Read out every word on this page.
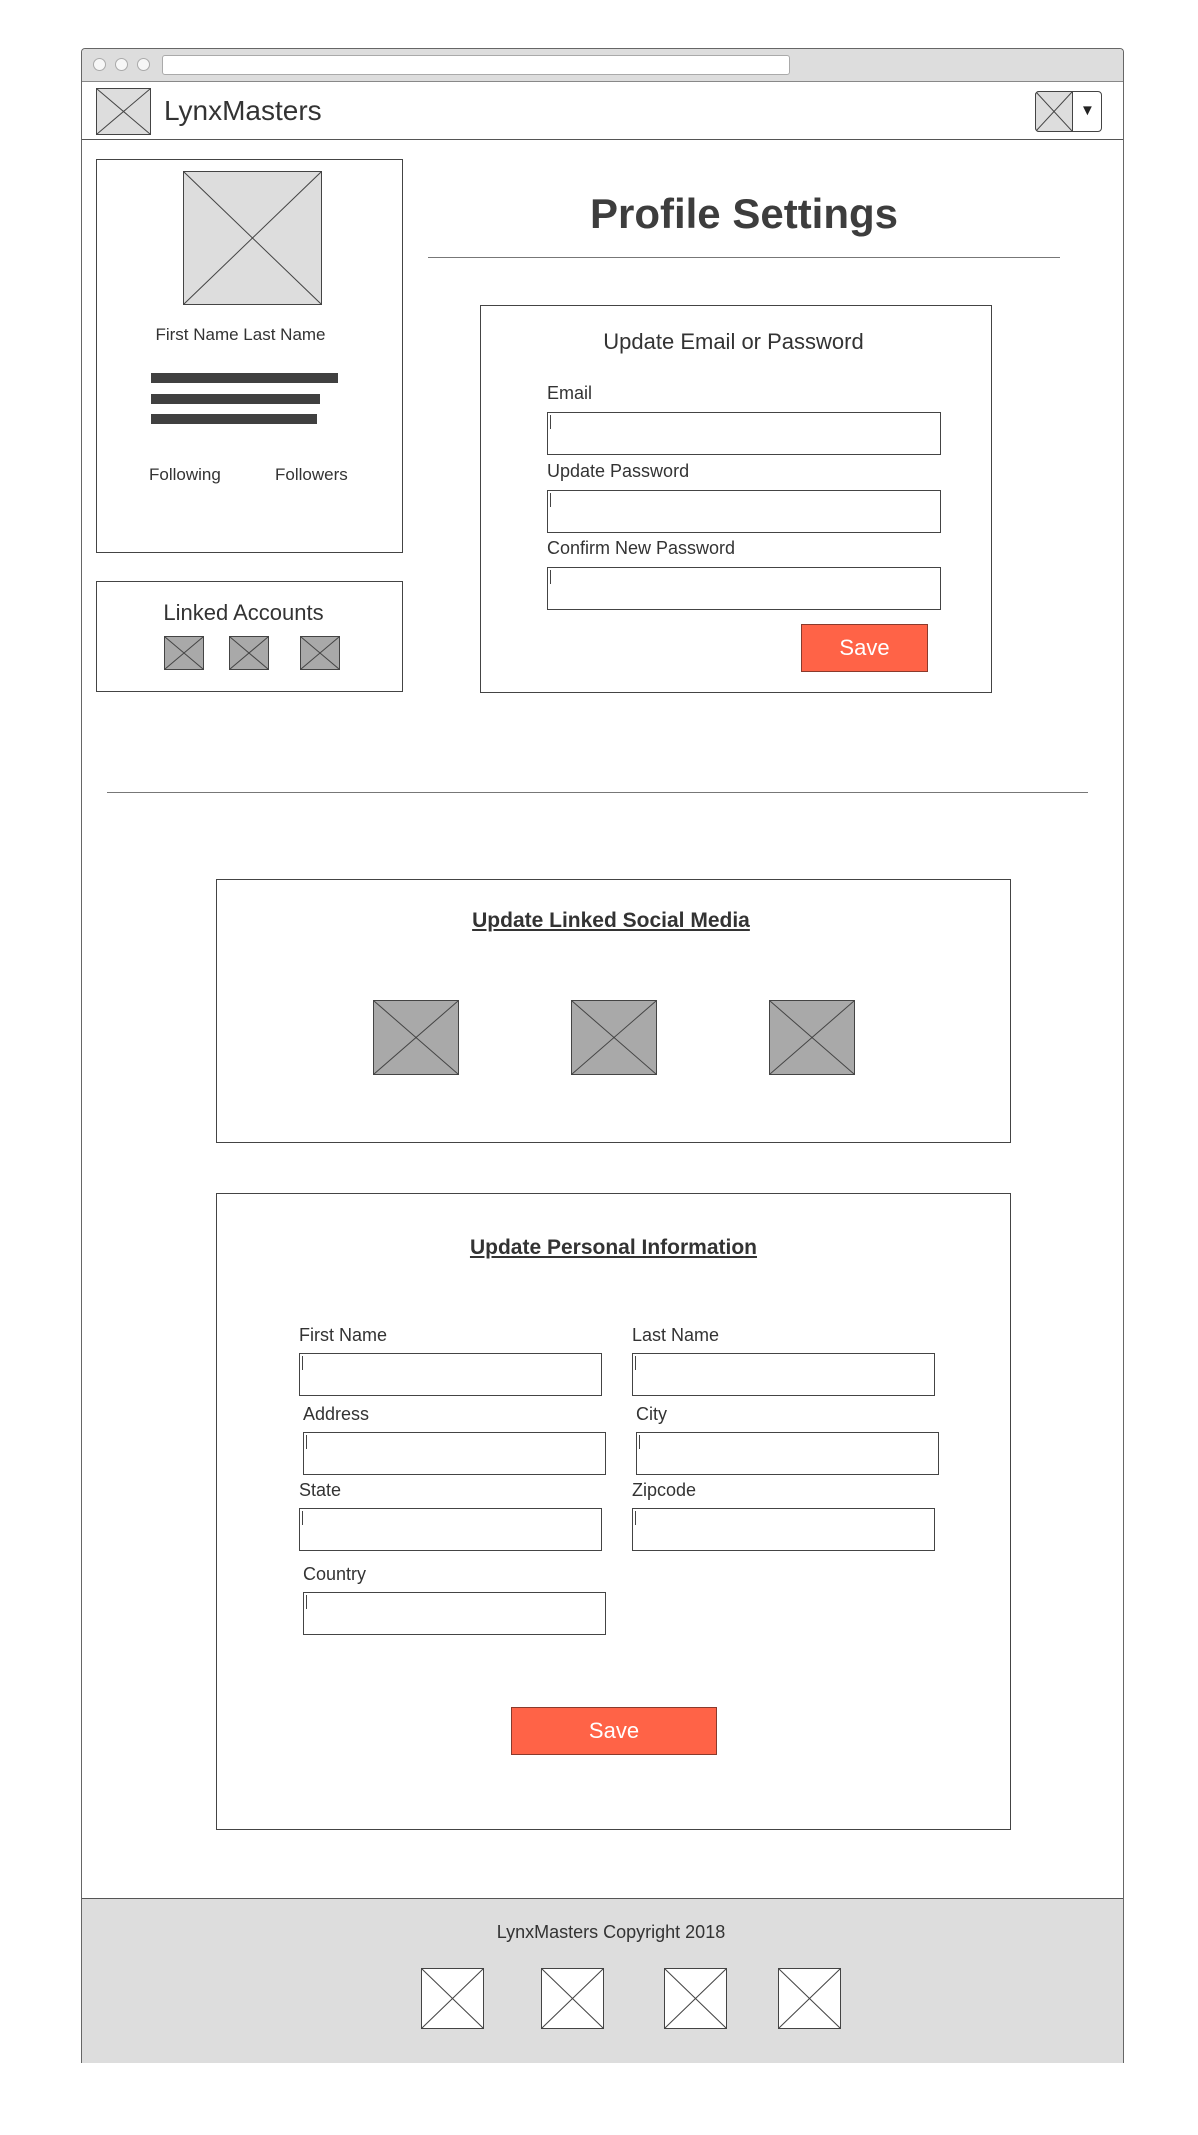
LynxMasters	▼
First Name Last Name
Following	Followers
Linked Accounts
Profile Settings
Update Email or Password
Email
Update Password
Confirm New Password
Save
Update Linked Social Media
Update Personal Information
First Name	Last Name
Address	City
State	Zipcode
Country
Save
LynxMasters Copyright 2018
